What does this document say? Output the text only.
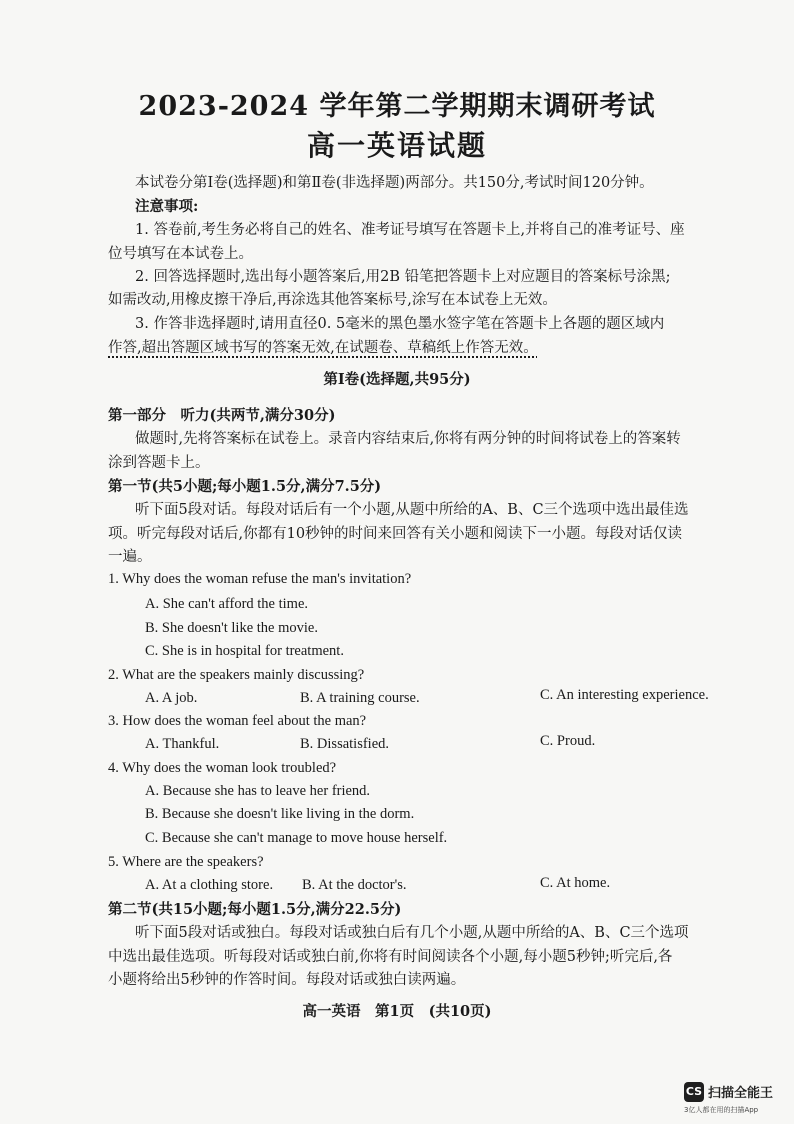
2023-2024 学年第二学期期末调研考试
高一英语试题
本试卷分第Ⅰ卷(选择题)和第Ⅱ卷(非选择题)两部分。共150分,考试时间120分钟。
注意事项:
1. 答卷前,考生务必将自己的姓名、准考证号填写在答题卡上,并将自己的准考证号、座
位号填写在本试卷上。
2. 回答选择题时,选出每小题答案后,用2B 铅笔把答题卡上对应题目的答案标号涂黑;
如需改动,用橡皮擦干净后,再涂选其他答案标号,涂写在本试卷上无效。
3. 作答非选择题时,请用直径0. 5毫米的黑色墨水签字笔在答题卡上各题的题区域内
作答,超出答题区域书写的答案无效,在试题卷、草稿纸上作答无效。
第Ⅰ卷(选择题,共95分)
第一部分　听力(共两节,满分30分)
做题时,先将答案标在试卷上。录音内容结束后,你将有两分钟的时间将试卷上的答案转
涂到答题卡上。
第一节(共5小题;每小题1.5分,满分7.5分)
听下面5段对话。每段对话后有一个小题,从题中所给的A、B、C三个选项中选出最佳选
项。听完每段对话后,你都有10秒钟的时间来回答有关小题和阅读下一小题。每段对话仅读
一遍。
1. Why does the woman refuse the man's invitation?
A. She can't afford the time.
B. She doesn't like the movie.
C. She is in hospital for treatment.
2. What are the speakers mainly discussing?
A. A job.	B. A training course.	C. An interesting experience.
3. How does the woman feel about the man?
A. Thankful.	B. Dissatisfied.	C. Proud.
4. Why does the woman look troubled?
A. Because she has to leave her friend.
B. Because she doesn't like living in the dorm.
C. Because she can't manage to move house herself.
5. Where are the speakers?
A. At a clothing store. B. At the doctor's.	C. At home.
第二节(共15小题;每小题1.5分,满分22.5分)
听下面5段对话或独白。每段对话或独白后有几个小题,从题中所给的A、B、C三个选项
中选出最佳选项。听每段对话或独白前,你将有时间阅读各个小题,每小题5秒钟;听完后,各
小题将给出5秒钟的作答时间。每段对话或独白读两遍。
高一英语　第1页　(共10页)
CS 扫描全能王
3亿人都在用的扫描App
